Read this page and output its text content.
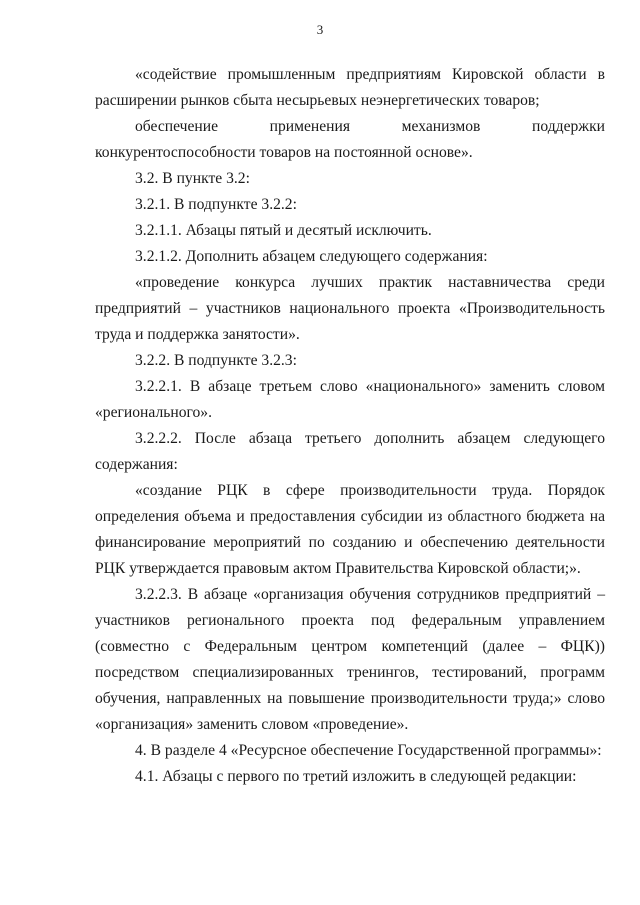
3

«содействие промышленным предприятиям Кировской области в расширении рынков сбыта несырьевых неэнергетических товаров;

обеспечение применения механизмов поддержки конкурентоспособности товаров на постоянной основе».

3.2. В пункте 3.2:

3.2.1. В подпункте 3.2.2:

3.2.1.1. Абзацы пятый и десятый исключить.

3.2.1.2. Дополнить абзацем следующего содержания:

«проведение конкурса лучших практик наставничества среди предприятий – участников национального проекта «Производительность труда и поддержка занятости».

3.2.2. В подпункте 3.2.3:

3.2.2.1. В абзаце третьем слово «национального» заменить словом «регионального».

3.2.2.2. После абзаца третьего дополнить абзацем следующего содержания:

«создание РЦК в сфере производительности труда. Порядок определения объема и предоставления субсидии из областного бюджета на финансирование мероприятий по созданию и обеспечению деятельности РЦК утверждается правовым актом Правительства Кировской области;».

3.2.2.3. В абзаце «организация обучения сотрудников предприятий – участников регионального проекта под федеральным управлением (совместно с Федеральным центром компетенций (далее – ФЦК)) посредством специализированных тренингов, тестирований, программ обучения, направленных на повышение производительности труда;» слово «организация» заменить словом «проведение».

4. В разделе 4 «Ресурсное обеспечение Государственной программы»:

4.1. Абзацы с первого по третий изложить в следующей редакции:
